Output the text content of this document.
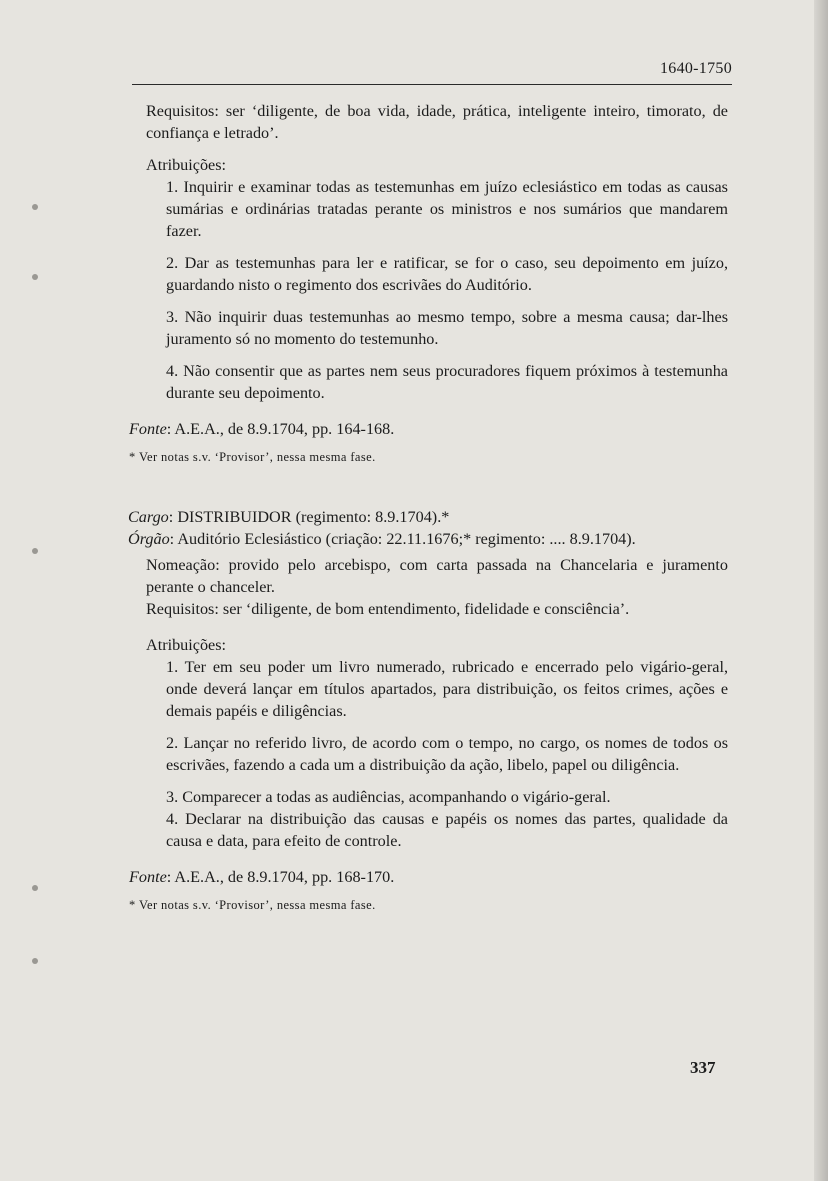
1640-1750

Requisitos: ser ‘diligente, de boa vida, idade, prática, inteligente inteiro, timorato, de confiança e letrado’.

Atribuições:

1. Inquirir e examinar todas as testemunhas em juízo eclesiástico em todas as causas sumárias e ordinárias tratadas perante os ministros e nos sumários que mandarem fazer.

2. Dar as testemunhas para ler e ratificar, se for o caso, seu depoimento em juízo, guardando nisto o regimento dos escrivães do Auditório.

3. Não inquirir duas testemunhas ao mesmo tempo, sobre a mesma causa; dar-lhes juramento só no momento do testemunho.

4. Não consentir que as partes nem seus procuradores fiquem próximos à testemunha durante seu depoimento.

Fonte: A.E.A., de 8.9.1704, pp. 164-168.

* Ver notas s.v. ‘Provisor’, nessa mesma fase.

Cargo: DISTRIBUIDOR (regimento: 8.9.1704).*

Órgão: Auditório Eclesiástico (criação: 22.11.1676;* regimento: .... 8.9.1704).

Nomeação: provido pelo arcebispo, com carta passada na Chancelaria e juramento perante o chanceler.

Requisitos: ser ‘diligente, de bom entendimento, fidelidade e consciência’.

Atribuições:

1. Ter em seu poder um livro numerado, rubricado e encerrado pelo vigário-geral, onde deverá lançar em títulos apartados, para distribuição, os feitos crimes, ações e demais papéis e diligências.

2. Lançar no referido livro, de acordo com o tempo, no cargo, os nomes de todos os escrivães, fazendo a cada um a distribuição da ação, libelo, papel ou diligência.

3. Comparecer a todas as audiências, acompanhando o vigário-geral.

4. Declarar na distribuição das causas e papéis os nomes das partes, qualidade da causa e data, para efeito de controle.

Fonte: A.E.A., de 8.9.1704, pp. 168-170.

* Ver notas s.v. ‘Provisor’, nessa mesma fase.

337
